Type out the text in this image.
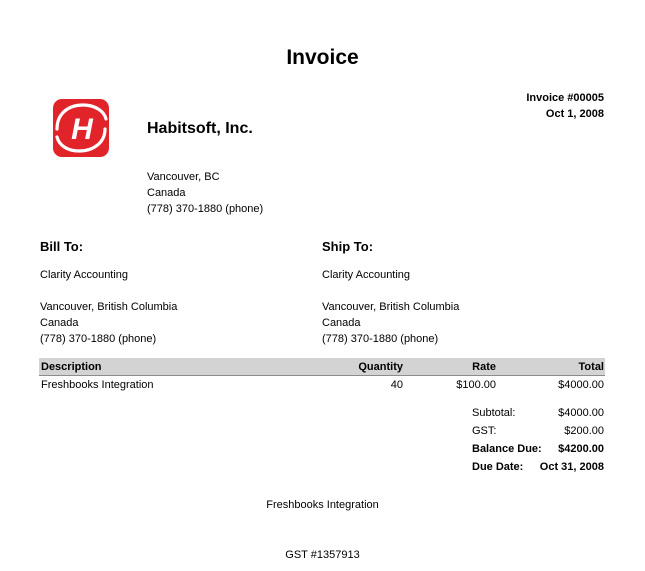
Invoice
Invoice #00005
Oct 1, 2008
H	Habitsoft, Inc.
Vancouver, BC
Canada
(778) 370-1880 (phone)
Bill To:
Clarity Accounting
Vancouver, British Columbia
Canada
(778) 370-1880 (phone)
Ship To:
Clarity Accounting
Vancouver, British Columbia
Canada
(778) 370-1880 (phone)
Description	Quantity	Rate	Total
Freshbooks Integration	40	$100.00	$4000.00
Subtotal:	$4000.00
GST:	$200.00
Balance Due: $4200.00
Due Date: Oct 31, 2008
Freshbooks Integration
GST #1357913
